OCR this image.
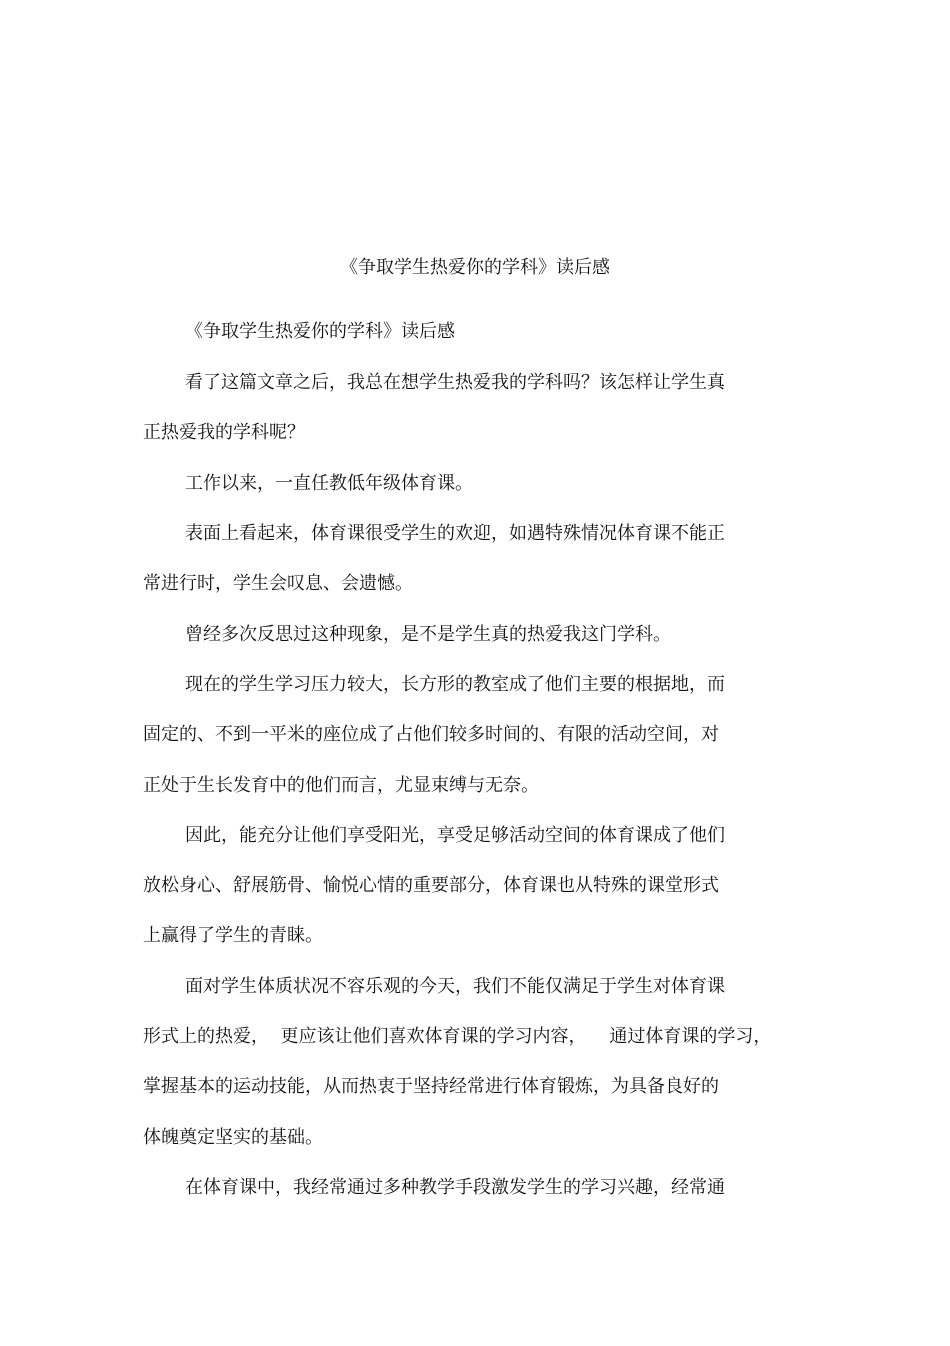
《争取学生热爱你的学科》读后感
《争取学生热爱你的学科》读后感
看了这篇文章之后，我总在想学生热爱我的学科吗？该怎样让学生真
正热爱我的学科呢？
工作以来，一直任教低年级体育课。
表面上看起来，体育课很受学生的欢迎，如遇特殊情况体育课不能正
常进行时，学生会叹息、会遗憾。
曾经多次反思过这种现象，是不是学生真的热爱我这门学科。
现在的学生学习压力较大，长方形的教室成了他们主要的根据地，而
固定的、不到一平米的座位成了占他们较多时间的、有限的活动空间，对
正处于生长发育中的他们而言，尤显束缚与无奈。
因此，能充分让他们享受阳光，享受足够活动空间的体育课成了他们
放松身心、舒展筋骨、愉悦心情的重要部分，体育课也从特殊的课堂形式
上赢得了学生的青睐。
面对学生体质状况不容乐观的今天，我们不能仅满足于学生对体育课
形式上的热爱，  更应该让他们喜欢体育课的学习内容，    通过体育课的学习，
掌握基本的运动技能，从而热衷于坚持经常进行体育锻炼，为具备良好的
体魄奠定坚实的基础。
在体育课中，我经常通过多种教学手段激发学生的学习兴趣，经常通
